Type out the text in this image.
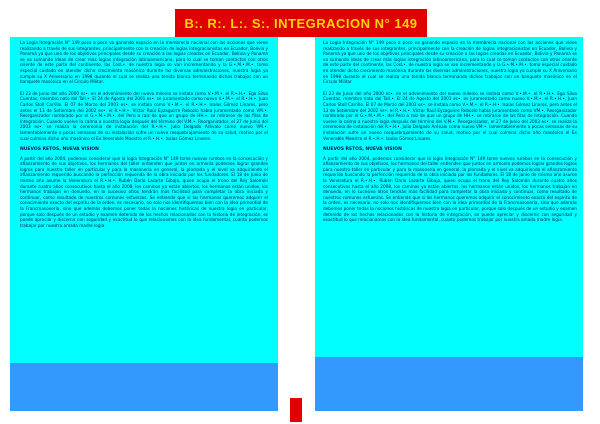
B:. R:. L:. S:. INTEGRACION N° 149

La Logia Integración N° 149 poco a poco va ganando espacio en la membrecía nacional con las acciones que viene realizando a través de sus integrantes, principalmente con la creación de logias integracionistas en Ecuador, Bolivia y Panamá ya que uno de los objetivos principales desde su creación a las logias creadas en Ecuador, Bolivia y Panamá se va sumando ideas de crear más logias integración latinoamericana, para lo cual se toman contactos con otros oriente de este parte del continente, las CosL•. de nuestra logia se van incrementando y la G.•.M.•.M.•. tomo especial cuidado en atender dicho crecimiento masónico durante las diversas administraciones, nuestra logia ya cumple su X Aniversario en 1998 durante el cual se realiza una tenida blanca terminando dichos trabajos con un banquete masónico en el Circulo Militar.

El 23 de Junio del año 2000 es•. en el advenimiento del nuevo milenio se instala como V.•.M.•. el R.•.H.•. Ego Silva Cuentas, miembro nato del Tall.•. El 24 de Agosto del 2001 es•. se juramentado como nuevo V.•.M.•. el R.•.H.•. Juan Carlos Stoll Carrillo. El 07 de Marzo del 2003 es•. se instala como V.•.M.•. el R.•.H.•. Isaías Gómez Linares, pero antes el 13 de Setiembre del 2002 es•. el R.•.H.•. Víctor Raúl Eyzaguirre Rebozio había juramentado como VM.•. Reorganizador nombrado por el G.•.M.•.M.•. del Perú a raíz de que un grupo de HH.•. se retiraron de las filas de Integración. Cuando vuelve la calma a nuestra logia después del término del V.M.•. Reorganizador, el 27 de Junio del 2003 es•. se realiza la ceremonia de instalación del R.•.H.•. Julio Delgado Arévalo como nuevo VM.•. lamentablemente a pocas semanas de su instalación sufre un nuevo resquebrajamiento de su salud, motivo por el cual culmina dicho año masónico el Ex Venerable Maestro el R.•.H.•. Isaías Gómez Linares.

NUEVOS RETOS, NUEVA VISION

A partir del año 2004, podemos considerar que la logia Integración N° 149 tome nuevos rumbos en la consecución y afianzamiento de sus objetivos, los hermanos del taller entienden que juntos en armonía podemos lograr grandes logros para nuestro taller en particular y para la masonería en general, la plomada y el nivel va adquiriendo el afianzamiento requerido buscando la perfección requerida de la obra iniciada por los fundadores. El 18 de Junio de mismo año asume la Veneratura el R.•.H.•. Rubén Darío Lazarte Gibaja, quien ocupa el trono del Rey Salomón durante cuatro años consecutivos hasta el año 2008, los caminos ya están abiertos, los hermanos están unidos, los hermanos trabajan en denuedo, en lo sucesivo otros tendrán más facilidad para completar la obra iniciada y continuar, como resultado de nuestros comunes esfuerzos. Se entiende que si los hermanos queremos adquirir el conocimiento exacto del espíritu de la orden, es necesario, no solo nos identifiquemos bien con la idea primordial de la Francmasonería, sino que además debemos poner todas la nociones históricas de nuestra logia en particular, porque solo después de un estudio y examen detenido de los hechos relacionados con la historia de integración, se puede apreciar y discernir con seguridad y exactitud lo que relacionamos con la idea fundamental, cuanto podemos trabajar por nuestra amada madre logia.

La Logia Integración N° 149 poco a poco va ganando espacio en la membrecía nacional con las acciones que viene realizando a través de sus integrantes, principalmente con la creación de logias integracionistas en Ecuador, Bolivia y Panamá ya que uno de los objetivos principales desde su creación a las logias creadas en Ecuador, Bolivia y Panamá se va sumando ideas de crear más logias integración latinoamericana, para lo cual se toman contactos con otros oriente de este parte del continente, las CosL•. de nuestra logia se van incrementando y la G.•.M.•.M.•. tomo especial cuidado en atender dicho crecimiento masónico durante las diversas administraciones, nuestra logia ya cumple su X Aniversario en 1998 durante el cual se realiza una tenida blanca terminando dichos trabajos con un banquete masónico en el Circulo Militar.

El 23 de Junio del año 2000 es•. en el advenimiento del nuevo milenio se instala como V.•.M.•. el R.•.H.•. Ego Silva Cuentas, miembro nato del Tall.•. El 24 de Agosto del 2001 es•. es juramentado como nuevo V.•.M.•. el R.•.H.•. Juan Carlos Stoll Carrillo. El 07 de Marzo del 2003 es•. se instala como V.•.M.•. el R.•.H.•. Isaías Gómez Linares, pero antes el 13 de Setiembre del 2002 es•. el R.•.H.•. Víctor Raúl Eyzaguirre Rebozio había juramentado como VM.•. Reorganizador nombrado por el G.•.M.•.M.•. del Perú a raíz de que un grupo de HH.•. se retiraron de las filas de Integración. Cuando vuelve la calma a nuestra logia después del término del V.M.•. Reorganizador, el 27 de Junio del 2003 es•. se realiza la ceremonia de instalación del R.•.H.•. Julio Delgado Arévalo como nuevo VM.•. lamentablemente a pocas semanas de su instalación sufre un nuevo resquebrajamiento de su salud, motivo por el cual culmina dicho año masónico el Ex Venerable Maestro el R.•.H.•. Isaías Gómez Linares.

NUEVOS RETOS, NUEVA VISION

A partir del año 2004, podemos considerar que la logia Integración N° 149 tome nuevos rumbos en la consecución y afianzamiento de sus objetivos, los hermanos del taller entienden que juntos en armonía podemos lograr grandes logros para nuestro taller en particular y para la masonería en general, la plomada y el nivel va adquiriendo el afianzamiento requerido buscando la perfección requerida de la obra iniciada por los fundadores. El 18 de Junio de mismo año asume la Veneratura el R.•.H.•. Rubén Darío Lazarte Gibaja, quien ocupa el trono del Rey Salomón durante cuatro años consecutivos hasta el año 2008, los caminos ya están abiertos, los hermanos están unidos, los hermanos trabajan en denuedo, en lo sucesivo otros tendrán más facilidad para completar la obra iniciada y continuar, como resultado de nuestros comunes esfuerzos. Se entiende que si los hermanos queremos adquirir el conocimiento exacto del espíritu de la orden, es necesario, no solo nos identifiquemos bien con la idea primordial de la Francmasonería, sino que además debemos poner todas la nociones históricas de nuestra logia en particular, porque solo después de un estudio y examen detenido de los hechos relacionados con la historia de integración, se puede apreciar y discernir con seguridad y exactitud lo que relacionamos con la idea fundamental, cuanto podemos trabajar por nuestra amada madre logia.
